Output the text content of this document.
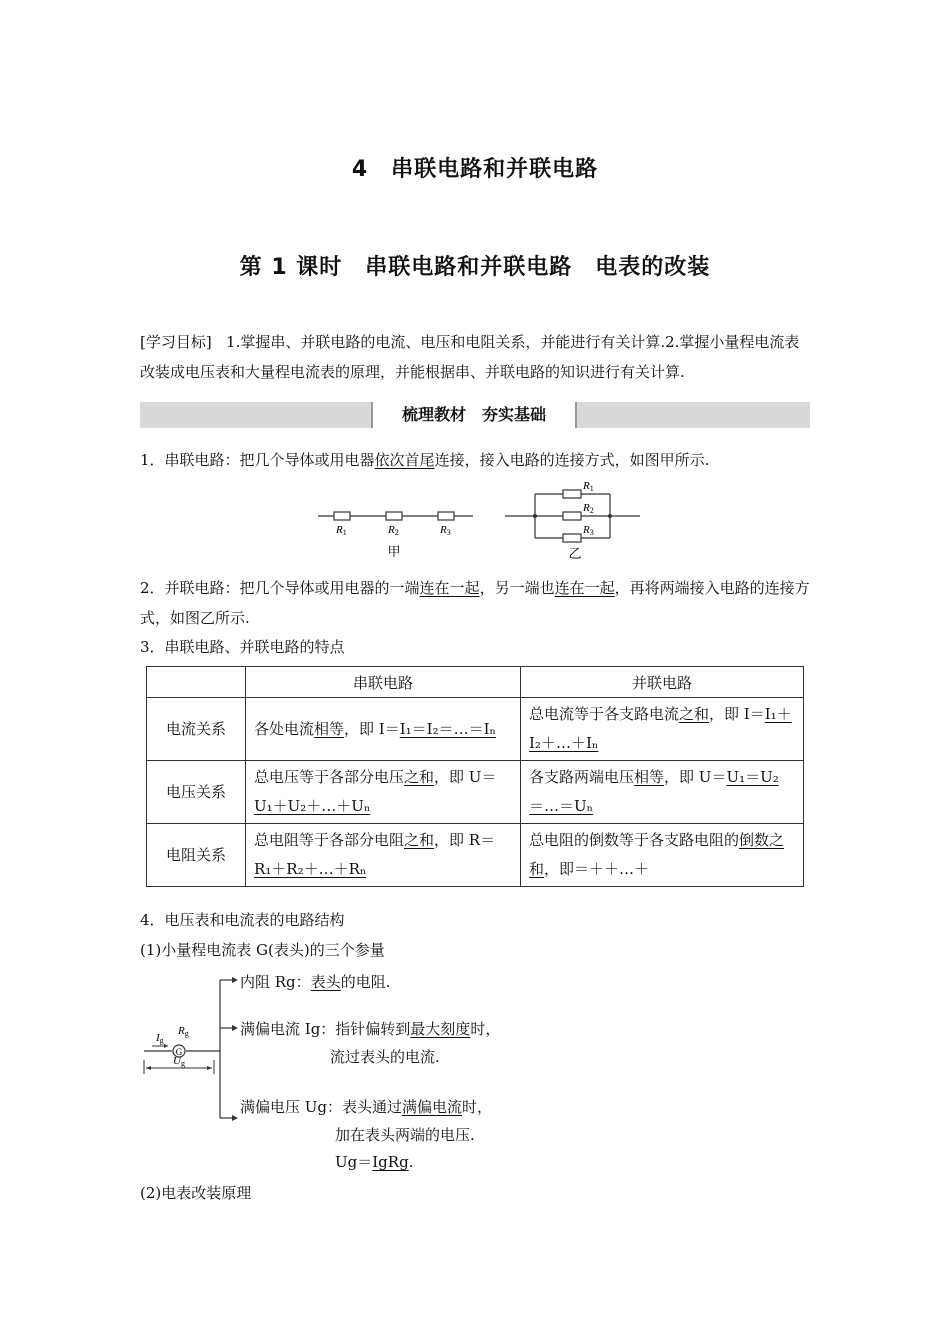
4　串联电路和并联电路
第 1 课时　串联电路和并联电路　电表的改装
[学习目标] 1.掌握串、并联电路的电流、电压和电阻关系，并能进行有关计算.2.掌握小量程电流表改装成电压表和大量程电流表的原理，并能根据串、并联电路的知识进行有关计算.
梳理教材　夯实基础
1．串联电路：把几个导体或用电器依次首尾连接，接入电路的连接方式，如图甲所示.
R1	R2	R3
甲
R1
R2
R3
乙
2．并联电路：把几个导体或用电器的一端连在一起，另一端也连在一起，再将两端接入电路的连接方式，如图乙所示.
3．串联电路、并联电路的特点
	串联电路	并联电路
电流关系	各处电流相等，即 I＝I₁＝I₂＝…＝Iₙ	总电流等于各支路电流之和，即 I＝I₁＋I₂＋…＋Iₙ
电压关系	总电压等于各部分电压之和，即 U＝U₁＋U₂＋…＋Uₙ	各支路两端电压相等，即 U＝U₁＝U₂＝…＝Uₙ
电阻关系	总电阻等于各部分电阻之和，即 R＝R₁＋R₂＋…＋Rₙ	总电阻的倒数等于各支路电阻的倒数之和，即＝＋＋…＋
4．电压表和电流表的电路结构
(1)小量程电流表 G(表头)的三个参量
G
Ig
Rg
Ug
内阻 Rg：表头的电阻.
满偏电流 Ig：指针偏转到最大刻度时，
流过表头的电流.
满偏电压 Ug：表头通过满偏电流时，
加在表头两端的电压.
Ug＝IgRg.
(2)电表改装原理
